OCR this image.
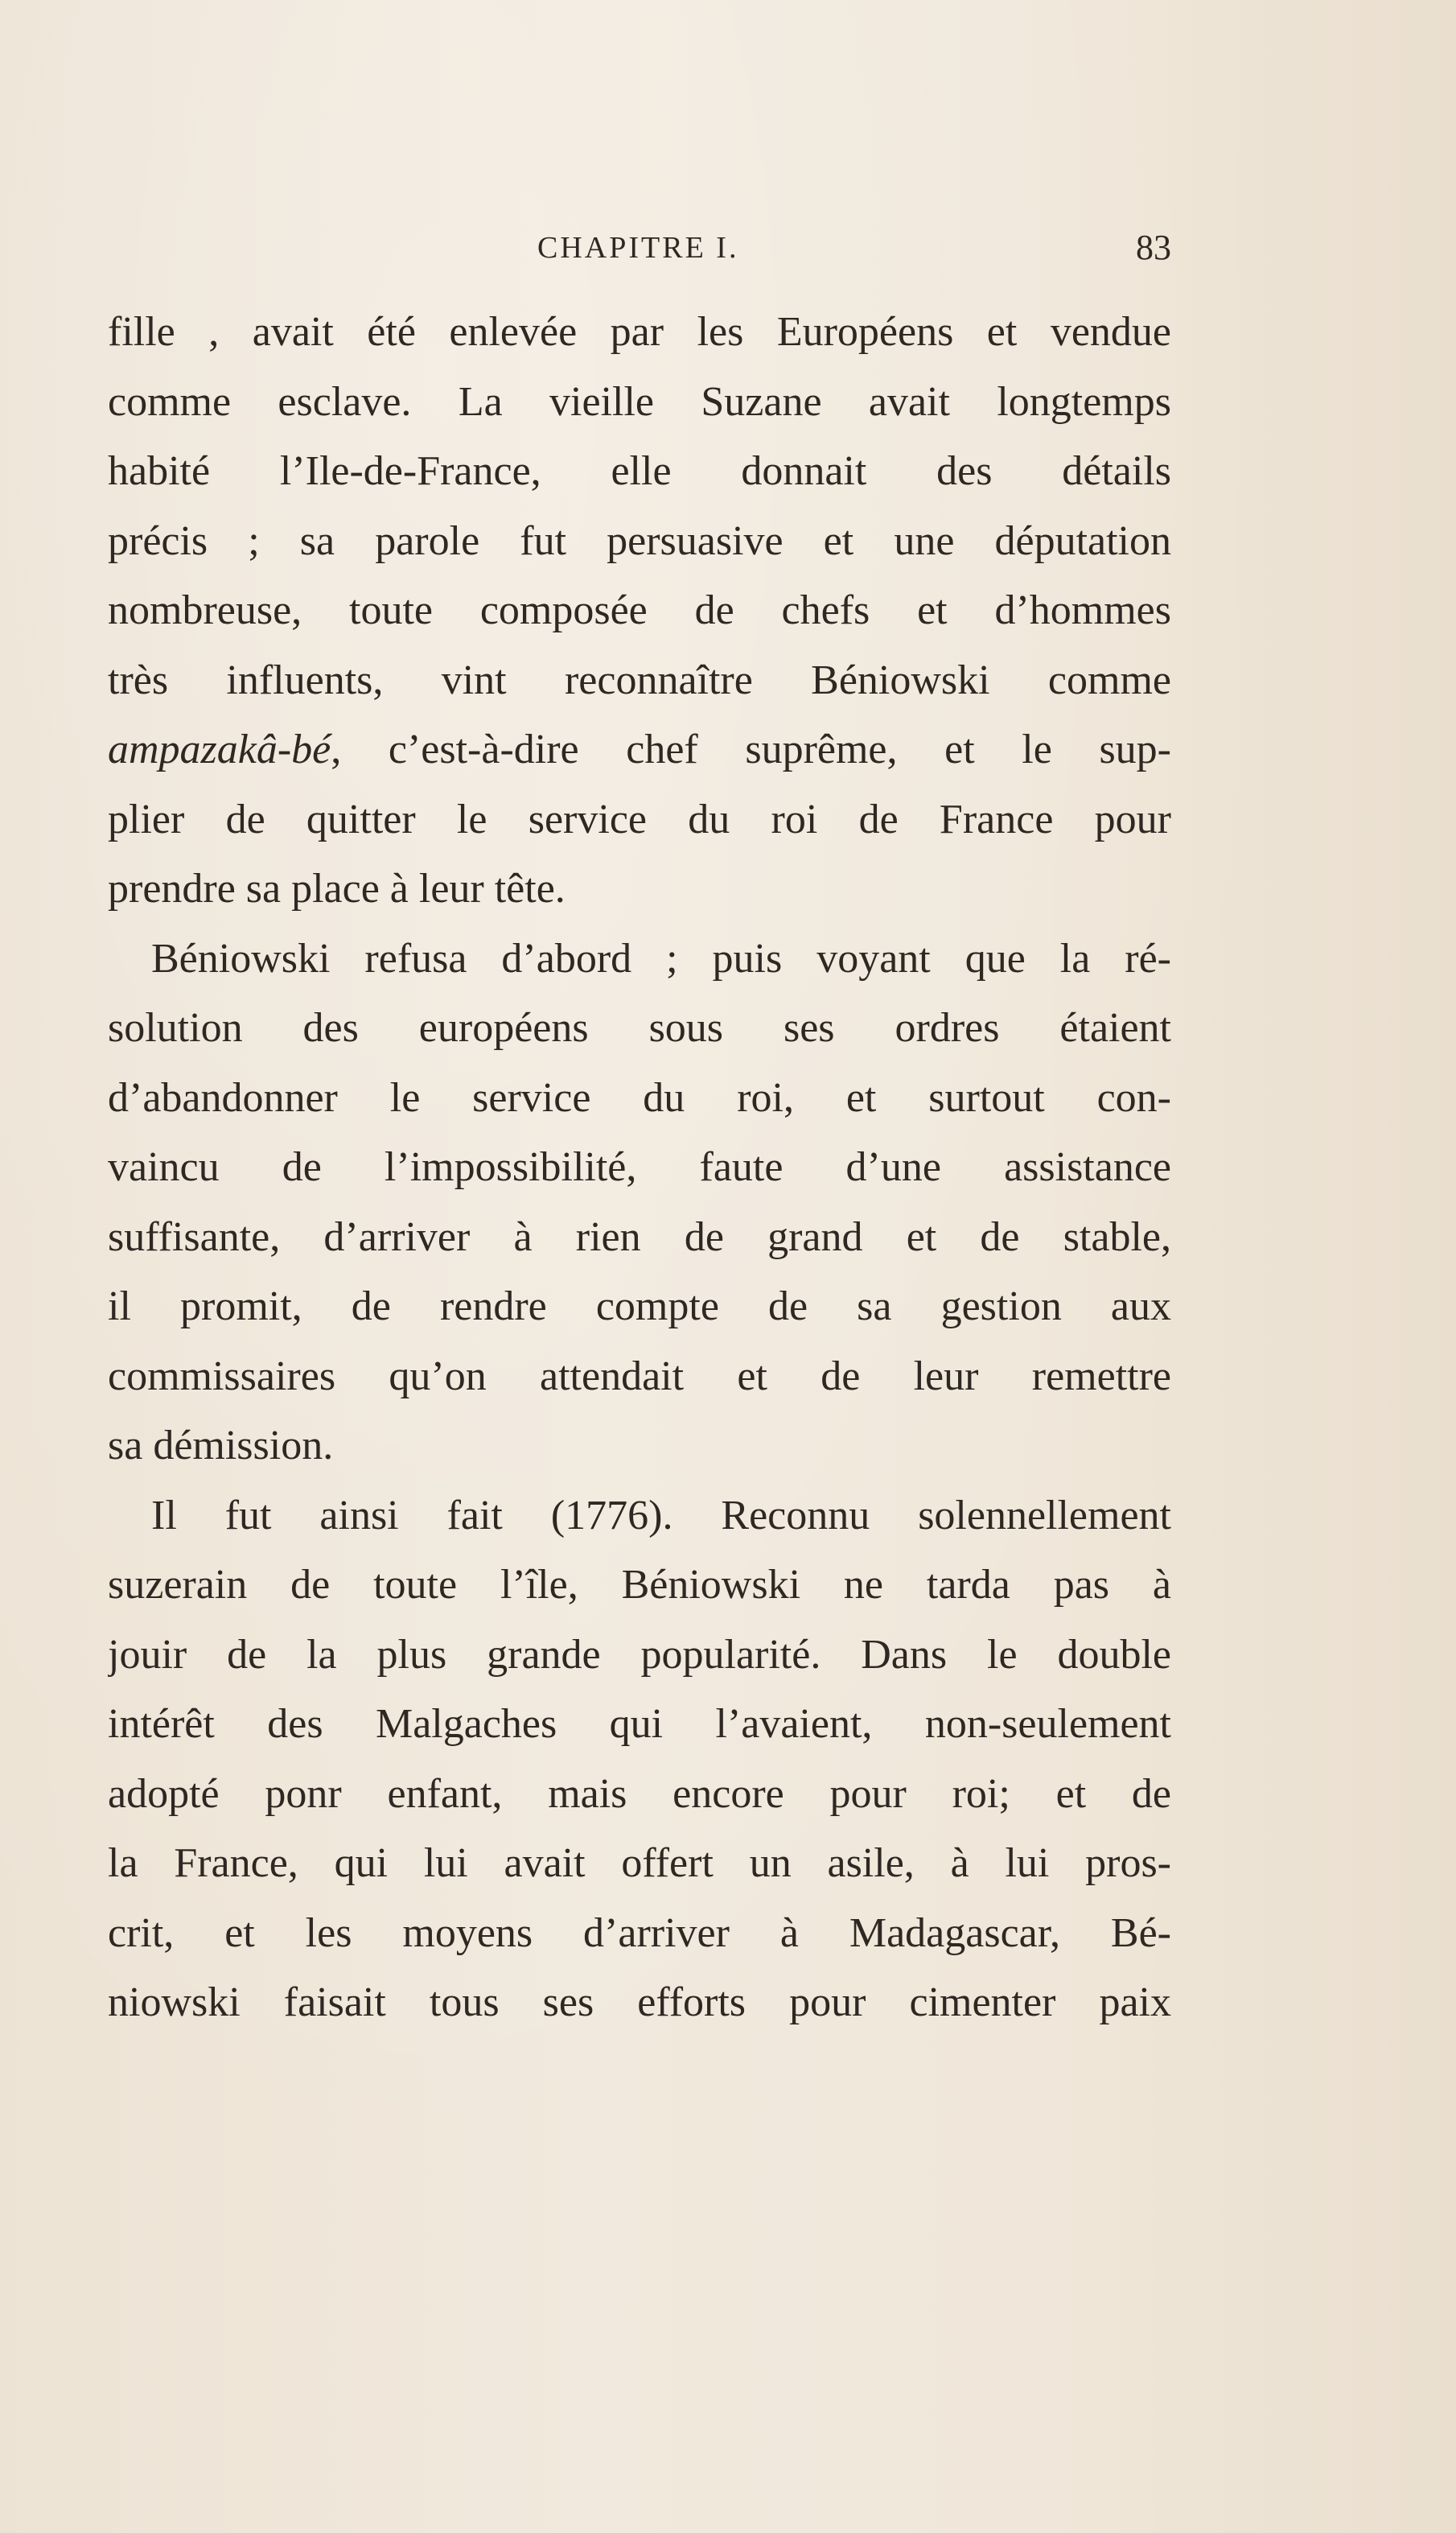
CHAPITRE I.	83
fille , avait été enlevée par les Européens et vendue
comme esclave. La vieille Suzane avait longtemps
habité l’Ile-de-France, elle donnait des détails
précis ; sa parole fut persuasive et une députation
nombreuse, toute composée de chefs et d’hommes
très influents, vint reconnaître Béniowski comme
ampazakâ-bé, c’est-à-dire chef suprême, et le sup-
plier de quitter le service du roi de France pour
prendre sa place à leur tête.
Béniowski refusa d’abord ; puis voyant que la ré-
solution des européens sous ses ordres étaient
d’abandonner le service du roi, et surtout con-
vaincu de l’impossibilité, faute d’une assistance
suffisante, d’arriver à rien de grand et de stable,
il promit, de rendre compte de sa gestion aux
commissaires qu’on attendait et de leur remettre
sa démission.
Il fut ainsi fait (1776). Reconnu solennellement
suzerain de toute l’île, Béniowski ne tarda pas à
jouir de la plus grande popularité. Dans le double
intérêt des Malgaches qui l’avaient, non-seulement
adopté ponr enfant, mais encore pour roi; et de
la France, qui lui avait offert un asile, à lui pros-
crit, et les moyens d’arriver à Madagascar, Bé-
niowski faisait tous ses efforts pour cimenter paix
